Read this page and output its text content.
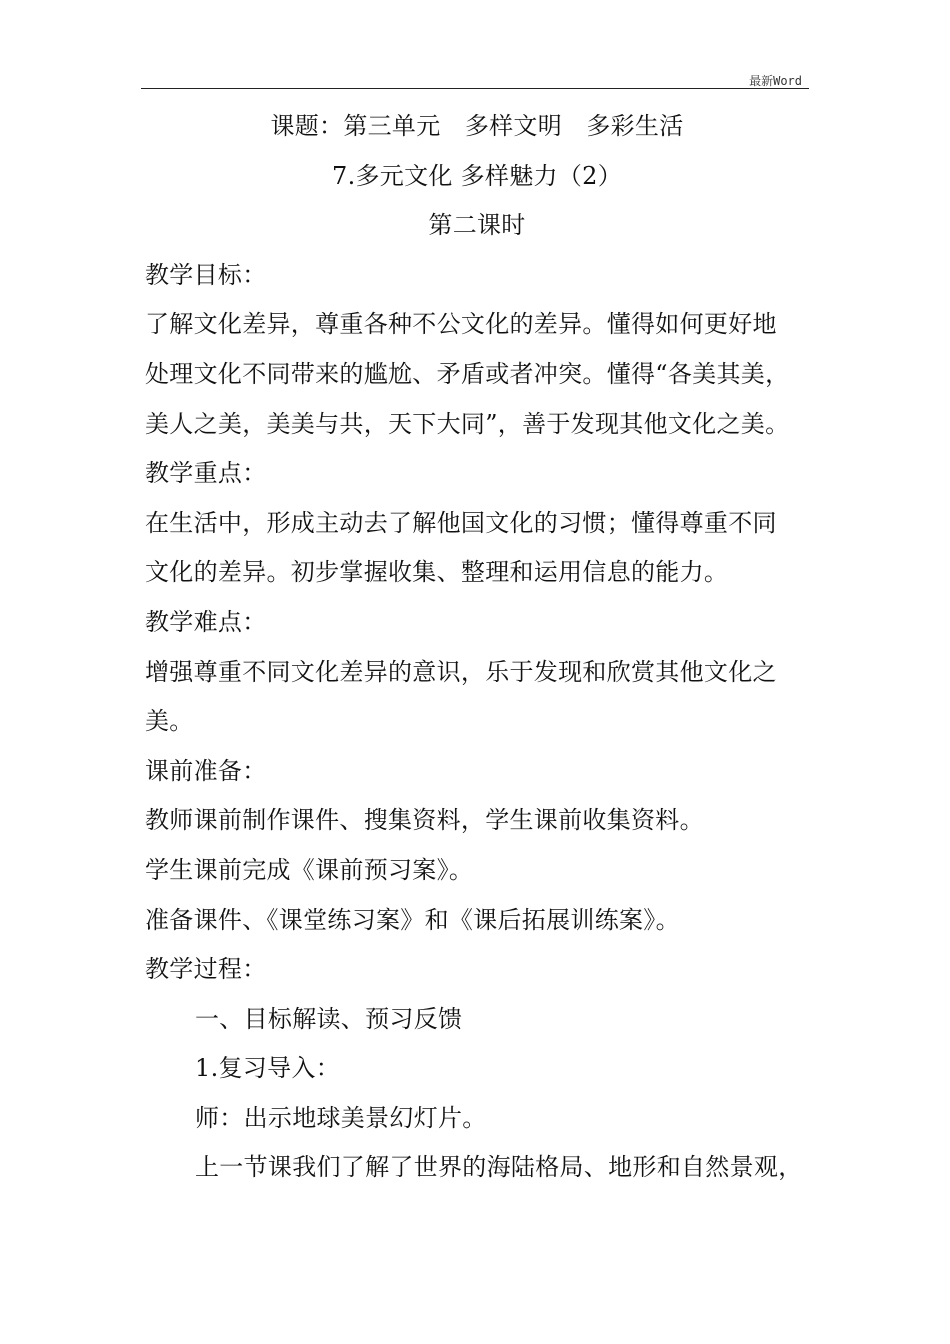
最新Word
课题：第三单元　多样文明　多彩生活
7.多元文化 多样魅力（2）
第二课时
教学目标：
了解文化差异，尊重各种不公文化的差异。懂得如何更好地
处理文化不同带来的尴尬、矛盾或者冲突。懂得“各美其美，
美人之美，美美与共，天下大同”，善于发现其他文化之美。
教学重点：
在生活中，形成主动去了解他国文化的习惯；懂得尊重不同
文化的差异。初步掌握收集、整理和运用信息的能力。
教学难点：
增强尊重不同文化差异的意识，乐于发现和欣赏其他文化之
美。
课前准备：
教师课前制作课件、搜集资料，学生课前收集资料。
学生课前完成《课前预习案》。
准备课件、《课堂练习案》和《课后拓展训练案》。
教学过程：
一、目标解读、预习反馈
1.复习导入：
师：出示地球美景幻灯片。
上一节课我们了解了世界的海陆格局、地形和自然景观，
